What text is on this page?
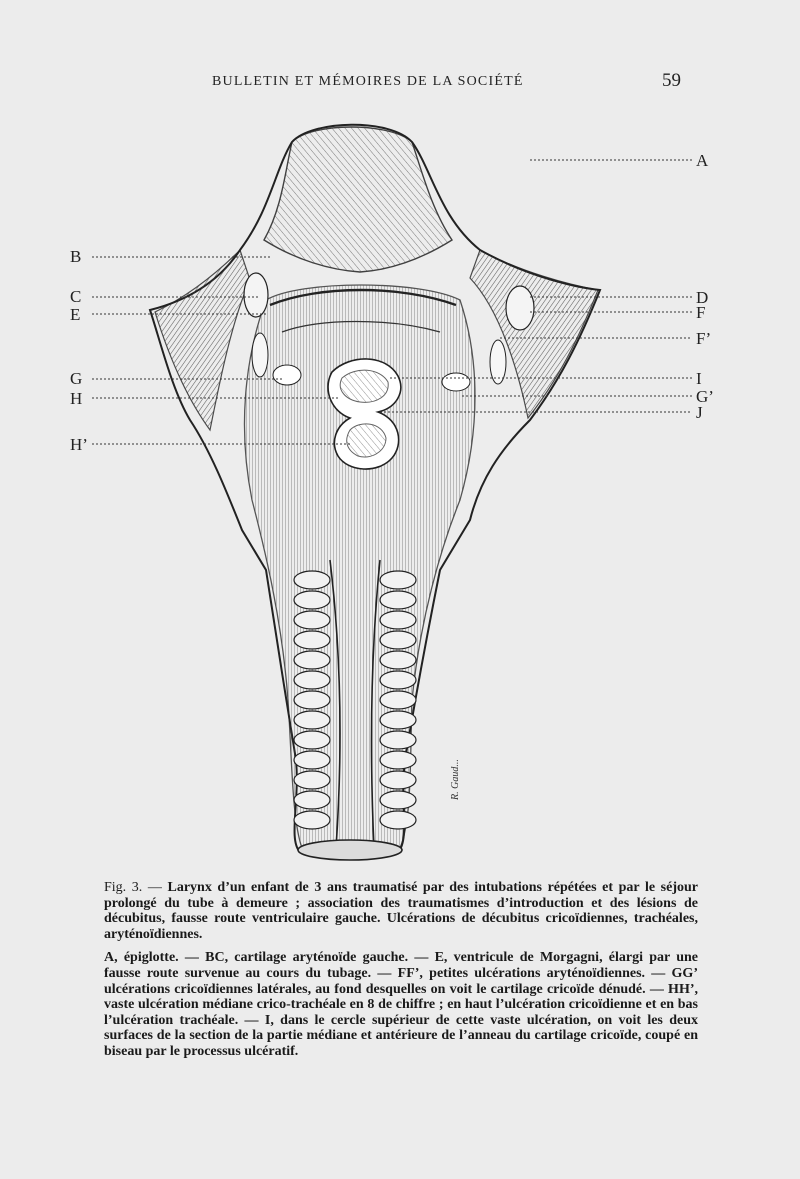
BULLETIN ET MÉMOIRES DE LA SOCIÉTÉ	59
R. Gaud...
B
C
E
G
H
H’
A
D
F
F’
I
G’
J

Fig. 3. — Larynx d’un enfant de 3 ans traumatisé par des intubations répétées et par le séjour prolongé du tube à demeure ; association des traumatismes d’introduction et des lésions de décubitus, fausse route ventriculaire gauche. Ulcérations de décubitus cricoïdiennes, trachéales, aryténoïdiennes.

A, épiglotte. — BC, cartilage aryténoïde gauche. — E, ventricule de Morgagni, élargi par une fausse route survenue au cours du tubage. — FF’, petites ulcérations aryténoïdiennes. — GG’ ulcérations cricoïdiennes latérales, au fond desquelles on voit le cartilage cricoïde dénudé. — HH’, vaste ulcération médiane crico-trachéale en 8 de chiffre ; en haut l’ulcération cricoïdienne et en bas l’ulcération trachéale. — I, dans le cercle supérieur de cette vaste ulcération, on voit les deux surfaces de la section de la partie médiane et antérieure de l’anneau du cartilage cricoïde, coupé en biseau par le processus ulcératif.
